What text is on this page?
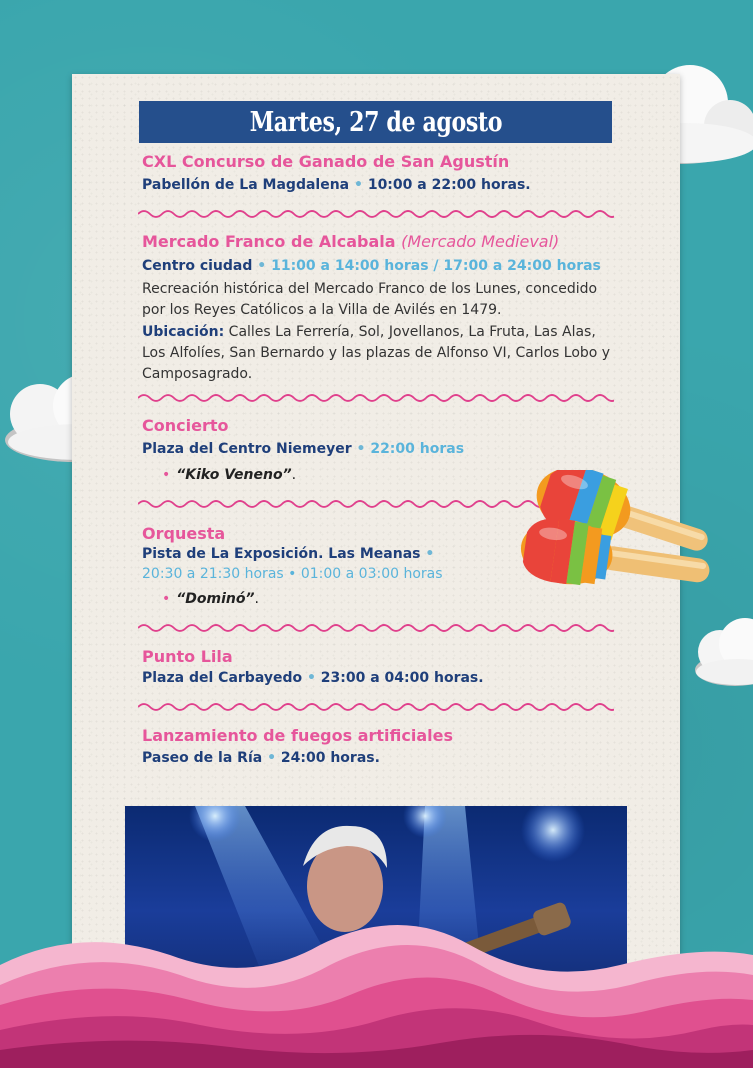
Martes, 27 de agosto
CXL Concurso de Ganado de San Agustín
Pabellón de La Magdalena • 10:00 a 22:00 horas.
Mercado Franco de Alcabala (Mercado Medieval)
Centro ciudad • 11:00 a 14:00 horas / 17:00 a 24:00 horas
Recreación histórica del Mercado Franco de los Lunes, concedido por los Reyes Católicos a la Villa de Avilés en 1479.
Ubicación: Calles La Ferrería, Sol, Jovellanos, La Fruta, Las Alas, Los Alfolíes, San Bernardo y las plazas de Alfonso VI, Carlos Lobo y Camposagrado.
Concierto
Plaza del Centro Niemeyer • 22:00 horas
• “Kiko Veneno”.
Orquesta
Pista de La Exposición. Las Meanas •
20:30 a 21:30 horas • 01:00 a 03:00 horas
• “Dominó”.
Punto Lila
Plaza del Carbayedo • 23:00 a 04:00 horas.
Lanzamiento de fuegos artificiales
Paseo de la Ría • 24:00 horas.
